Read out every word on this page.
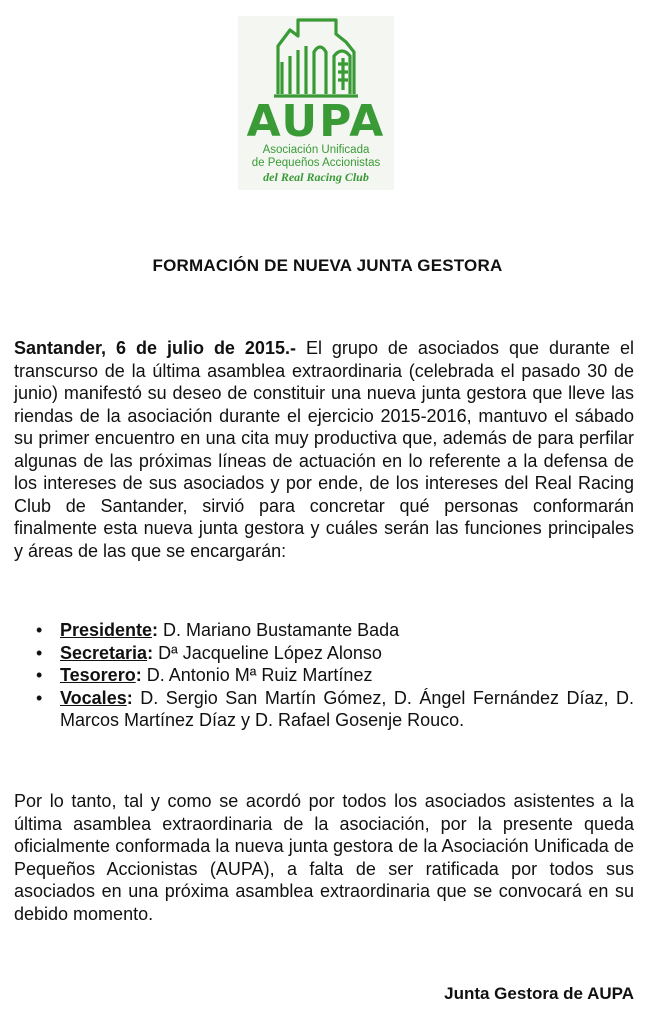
AUPA
Asociación Unificada
de Pequeños Accionistas
del Real Racing Club
FORMACIÓN DE NUEVA JUNTA GESTORA

Santander, 6 de julio de 2015.- El grupo de asociados que durante el transcurso de la última asamblea extraordinaria (celebrada el pasado 30 de junio) manifestó su deseo de constituir una nueva junta gestora que lleve las riendas de la asociación durante el ejercicio 2015-2016, mantuvo el sábado su primer encuentro en una cita muy productiva que, además de para perfilar algunas de las próximas líneas de actuación en lo referente a la defensa de los intereses de sus asociados y por ende, de los intereses del Real Racing Club de Santander, sirvió para concretar qué personas conformarán finalmente esta nueva junta gestora y cuáles serán las funciones principales y áreas de las que se encargarán:

• Presidente: D. Mariano Bustamante Bada
• Secretaria: Dª Jacqueline López Alonso
• Tesorero: D. Antonio Mª Ruiz Martínez
• Vocales: D. Sergio San Martín Gómez, D. Ángel Fernández Díaz, D. Marcos Martínez Díaz y D. Rafael Gosenje Rouco.

Por lo tanto, tal y como se acordó por todos los asociados asistentes a la última asamblea extraordinaria de la asociación, por la presente queda oficialmente conformada la nueva junta gestora de la Asociación Unificada de Pequeños Accionistas (AUPA), a falta de ser ratificada por todos sus asociados en una próxima asamblea extraordinaria que se convocará en su debido momento.

Junta Gestora de AUPA
